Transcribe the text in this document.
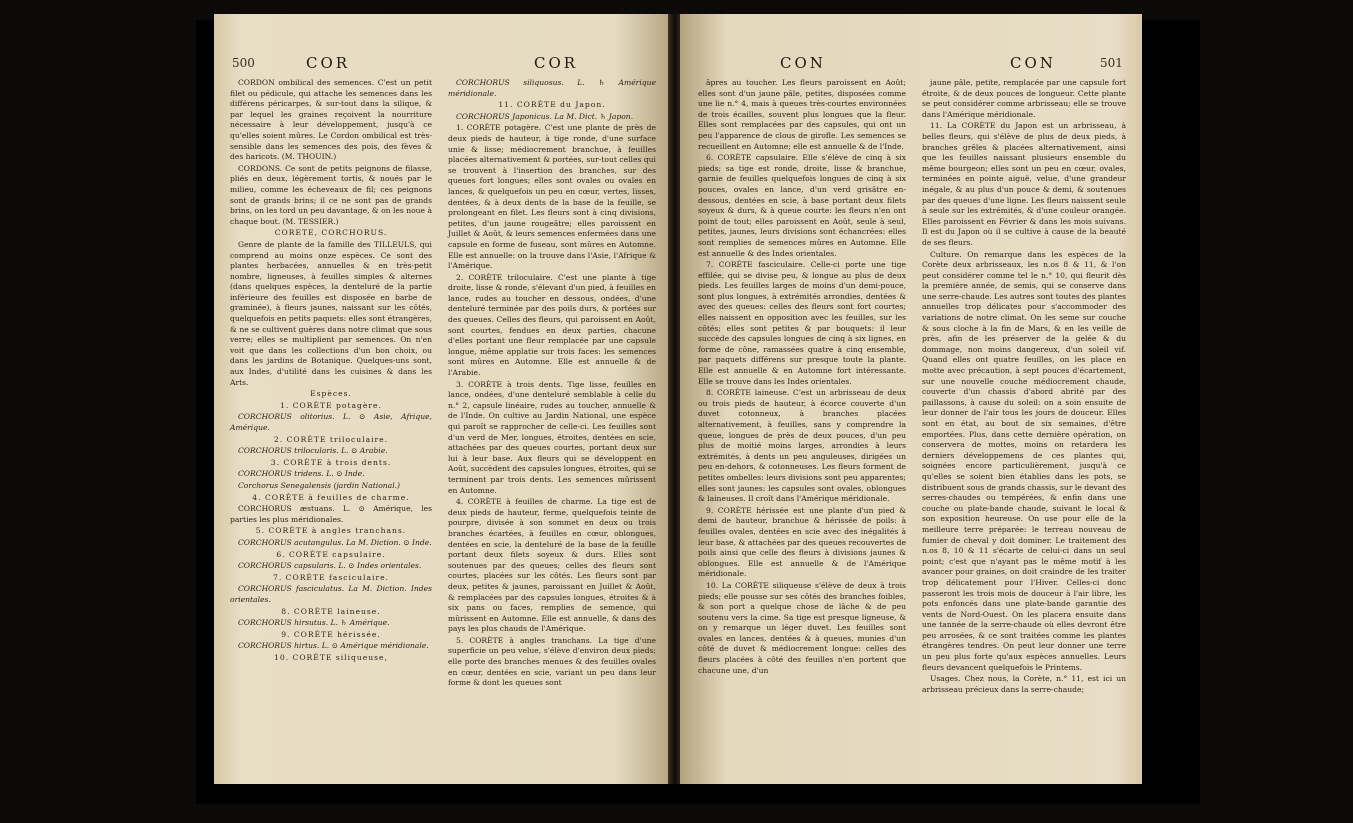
500	COR	COR

CORDON ombilical des semences. C'est un petit filet ou pédicule, qui attache les semences dans les différens péricarpes, & sur-tout dans la silique, & par lequel les graines reçoivent la nourriture nécessaire à leur développement, jusqu'à ce qu'elles soient mûres. Le Cordon ombilical est très-sensible dans les semences des pois, des fèves & des haricots. (M. THOUIN.)

CORDONS. Ce sont de petits peignons de filasse, pliés en deux, légèrement tortis, & noués par le milieu, comme les écheveaux de fil; ces peignons sont de grands brins; il ce ne sont pas de grands brins, on les tord un peu davantage, & on les noue à chaque bout. (M. TESSIER.)

CORETE, CORCHORUS.

Genre de plante de la famille des TILLEULS, qui comprend au moins onze espèces. Ce sont des plantes herbacées, annuelles & en très-petit nombre, ligneuses, à feuilles simples & alternes (dans quelques espèces, la denteluré de la partie inférieure des feuilles est disposée en barbe de graminée), à fleurs jaunes, naissant sur les côtés, quelquefois en petits paquets: elles sont étrangères, & ne se cultivent guères dans notre climat que sous verre; elles se multiplient par semences. On n'en voit que dans les collections d'un bon choix, ou dans les jardins de Botanique. Quelques-uns sont, aux Indes, d'utilité dans les cuisines & dans les Arts.

Espèces.

1. CORÈTE potagère.

CORCHORUS olitorius. L. ⊙ Asie, Afrique, Amérique.

2. CORÈTE triloculaire.

CORCHORUS trilocularis. L. ⊙ Arabie.

3. CORÈTE à trois dents.

CORCHORUS tridens. L. ⊙ Inde.

Corchorus Senegalensis (jardin National.)

4. CORÈTE à feuilles de charme.

CORCHORUS æstuans. L. ⊙ Amérique, les parties les plus méridionales.

5. CORÈTE à angles tranchans.

CORCHORUS acutangulus. La M. Diction. ⊙ Inde.

6. CORÈTE capsulaire.

CORCHORUS capsularis. L. ⊙ Indes orientales.

7. CORÈTE fasciculaire.

CORCHORUS fasciculatus. La M. Diction. Indes orientales.

8. CORÈTE laineuse.

CORCHORUS hirsutus. L. ♄ Amérique.

9. CORÈTE hérissée.

CORCHORUS hirtus. L. ⊙ Amérique méridionale.

10. CORÈTE siliqueuse,

CORCHORUS siliquosus. L. ♄ Amérique méridionale.

11. CORÈTE du Japon.

CORCHORUS Japonicus. La M. Dict. ♄ Japon.

1. CORÈTE potagère. C'est une plante de près de deux pieds de hauteur, à tige ronde, d'une surface unie & lisse; médiocrement branchue, à feuilles placées alternativement & portées, sur-tout celles qui se trouvent à l'insertion des branches, sur des queues fort longues; elles sont ovales ou ovales en lances, & quelquefois un peu en cœur, vertes, lisses, dentées, & à deux dents de la base de la feuille, se prolongeant en filet. Les fleurs sont à cinq divisions, petites, d'un jaune rougeâtre; elles paroissent en Juillet & Août, & leurs semences enfermées dans une capsule en forme de fuseau, sont mûres en Automne. Elle est annuelle: on la trouve dans l'Asie, l'Afrique & l'Amérique.

2. CORÈTE triloculaire. C'est une plante à tige droite, lisse & ronde, s'élevant d'un pied, à feuilles en lance, rudes au toucher en dessous, ondées, d'une denteluré terminée par des poils durs, & portées sur des queues. Celles des fleurs, qui paroissent en Août, sont courtes, fendues en deux parties, chacune d'elles portant une fleur remplacée par une capsule longue, même applatie sur trois faces: les semences sont mûres en Automne. Elle est annuelle & de l'Arabie.

3. CORÈTE à trois dents. Tige lisse, feuilles en lance, ondées, d'une denteluré semblable à celle du n.° 2, capsule linéaire, rudes au toucher, annuelle & de l'Inde. On cultive au Jardin National, une espèce qui paroît se rapprocher de celle-ci. Les feuilles sont d'un verd de Mer, longues, étroites, dentées en scie, attachées par des queues courtes, portant deux sur lui à leur base. Aux fleurs qui se développent en Août, succèdent des capsules longues, étroites, qui se terminent par trois dents. Les semences mûrissent en Automne.

4. CORÈTE à feuilles de charme. La tige est de deux pieds de hauteur, ferme, quelquefois teinte de pourpre, divisée à son sommet en deux ou trois branches écartées, à feuilles en cœur, oblongues, dentées en scie, la denteluré de la base de la feuille portant deux filets soyeux & durs. Elles sont soutenues par des queues; celles des fleurs sont courtes, placées sur les côtés. Les fleurs sont par deux, petites & jaunes, paroissant en Juillet & Août, & remplacées par des capsules longues, étroites & à six pans ou faces, remplies de semence, qui mûrissent en Automne. Elle est annuelle, & dans des pays les plus chauds de l'Amérique.

5. CORÈTE à angles tranchans. La tige d'une superficie un peu velue, s'élève d'environ deux pieds; elle porte des branches menues & des feuilles ovales en cœur, dentées en scie, variant un peu dans leur forme & dont les queues sont

CON	CON	501

âpres au toucher. Les fleurs paroissent en Août; elles sont d'un jaune pâle, petites, disposées comme une lie n.° 4, mais à queues très-courtes environnées de trois écailles, souvent plus longues que la fleur. Elles sont remplacées par des capsules, qui ont un peu l'apparence de clous de girofle. Les semences se recueillent en Automne; elle est annuelle & de l'Inde.

6. CORÈTE capsulaire. Elle s'élève de cinq à six pieds; sa tige est ronde, droite, lisse & branchue, garnie de feuilles quelquefois longues de cinq à six pouces, ovales en lance, d'un verd grisâtre en-dessous, dentées en scie, à base portant deux filets soyeux & durs, & à queue courte: les fleurs n'en ont point de tout; elles paroissent en Août, seule à seul, petites, jaunes, leurs divisions sont échancrées: elles sont remplies de semences mûres en Automne. Elle est annuelle & des Indes orientales.

7. CORÈTE fasciculaire. Celle-ci porte une tige effilée, qui se divise peu, & longue au plus de deux pieds. Les feuilles larges de moins d'un demi-pouce, sont plus longues, à extrémités arrondies, dentées & avec des queues: celles des fleurs sont fort courtes; elles naissent en opposition avec les feuilles, sur les côtés; elles sont petites & par bouquets: il leur succède des capsules longues de cinq à six lignes, en forme de cône, ramassées quatre à cinq ensemble, par paquets différens sur presque toute la plante. Elle est annuelle & en Automne fort intéressante. Elle se trouve dans les Indes orientales.

8. CORÈTE laineuse. C'est un arbrisseau de deux ou trois pieds de hauteur, à écorce couverte d'un duvet cotonneux, à branches placées alternativement, à feuilles, sans y comprendre la queue, longues de près de deux pouces, d'un peu plus de moitié moins larges, arrondies à leurs extrémités, à dents un peu anguleuses, dirigées un peu en-dehors, & cotonneuses. Les fleurs forment de petites ombelles: leurs divisions sont peu apparentes; elles sont jaunes: les capsules sont ovales, oblongues & laineuses. Il croît dans l'Amérique méridionale.

9. CORÈTE hérissée est une plante d'un pied & demi de hauteur, branchue & hérissée de poils: à feuilles ovales, dentées en scie avec des inégalités à leur base, & attachées par des queues recouvertes de poils ainsi que celle des fleurs à divisions jaunes & oblongues. Elle est annuelle & de l'Amérique méridionale.

10. La CORÈTE siliqueuse s'élève de deux à trois pieds; elle pousse sur ses côtés des branches foibles, & son port a quelque chose de lâche & de peu soutenu vers la cime. Sa tige est presque ligneuse, & on y remarque un léger duvet. Les feuilles sont ovales en lances, dentées & à queues, munies d'un côté de duvet & médiocrement longue: celles des fleurs placées à côté des feuilles n'en portent que chacune une, d'un

jaune pâle, petite, remplacée par une capsule fort étroite, & de deux pouces de longueur. Cette plante se peut considérer comme arbrisseau; elle se trouve dans l'Amérique méridionale.

11. La CORÈTE du Japon est un arbrisseau, à belles fleurs, qui s'élève de plus de deux pieds, à branches grêles & placées alternativement, ainsi que les feuilles naissant plusieurs ensemble du même bourgeon; elles sont un peu en cœur, ovales, terminées en pointe aiguë, velue, d'une grandeur inégale, & au plus d'un pouce & demi, & soutenues par des queues d'une ligne. Les fleurs naissent seule à seule sur les extrémités, & d'une couleur orangée. Elles paroissent en Février & dans les mois suivans. Il est du Japon où il se cultive à cause de la beauté de ses fleurs.

Culture. On remarque dans les espèces de la Corète deux arbrisseaux, les n.os 8 & 11, & l'on peut considérer comme tel le n.° 10, qui fleurit dès la première année, de semis, qui se conserve dans une serre-chaude. Les autres sont toutes des plantes annuelles trop délicates pour s'accommoder des variations de notre climat. On les seme sur couche & sous cloche à la fin de Mars, & en les veille de près, afin de les préserver de la gelée & du dommage, non moins dangereux, d'un soleil vif. Quand elles ont quatre feuilles, on les place en motte avec précaution, à sept pouces d'écartement, sur une nouvelle couche médiocrement chaude, couverte d'un chassis d'abord abrité par des paillassons, à cause du soleil: on a soin ensuite de leur donner de l'air tous les jours de douceur. Elles sont en état, au bout de six semaines, d'être emportées. Plus, dans cette dernière opération, on conservera de mottes, moins on retardera les derniers développemens de ces plantes qui, soignées encore particulièrement, jusqu'à ce qu'elles se soient bien établies dans les pots, se distribuent sous de grands chassis, sur le devant des serres-chaudes ou tempérées, & enfin dans une couche ou plate-bande chaude, suivant le local & son exposition heureuse. On use pour elle de la meilleure terre préparée: le terreau nouveau de fumier de cheval y doit dominer. Le traitement des n.os 8, 10 & 11 s'écarte de celui-ci dans un seul point; c'est que n'ayant pas le même motif à les avancer pour graines, on doit craindre de les traiter trop délicatement pour l'Hiver. Celles-ci donc passeront les trois mois de douceur à l'air libre, les pots enfoncés dans une plate-bande garantie des vents de Nord-Ouest. On les placera ensuite dans une tannée de la serre-chaude où elles devront être peu arrosées, & ce sont traitées comme les plantes étrangères tendres. On peut leur donner une terre un peu plus forte qu'aux espèces annuelles. Leurs fleurs devancent quelquefois le Printems.

Usages. Chez nous, la Corète, n.° 11, est ici un arbrisseau précieux dans la serre-chaude;
